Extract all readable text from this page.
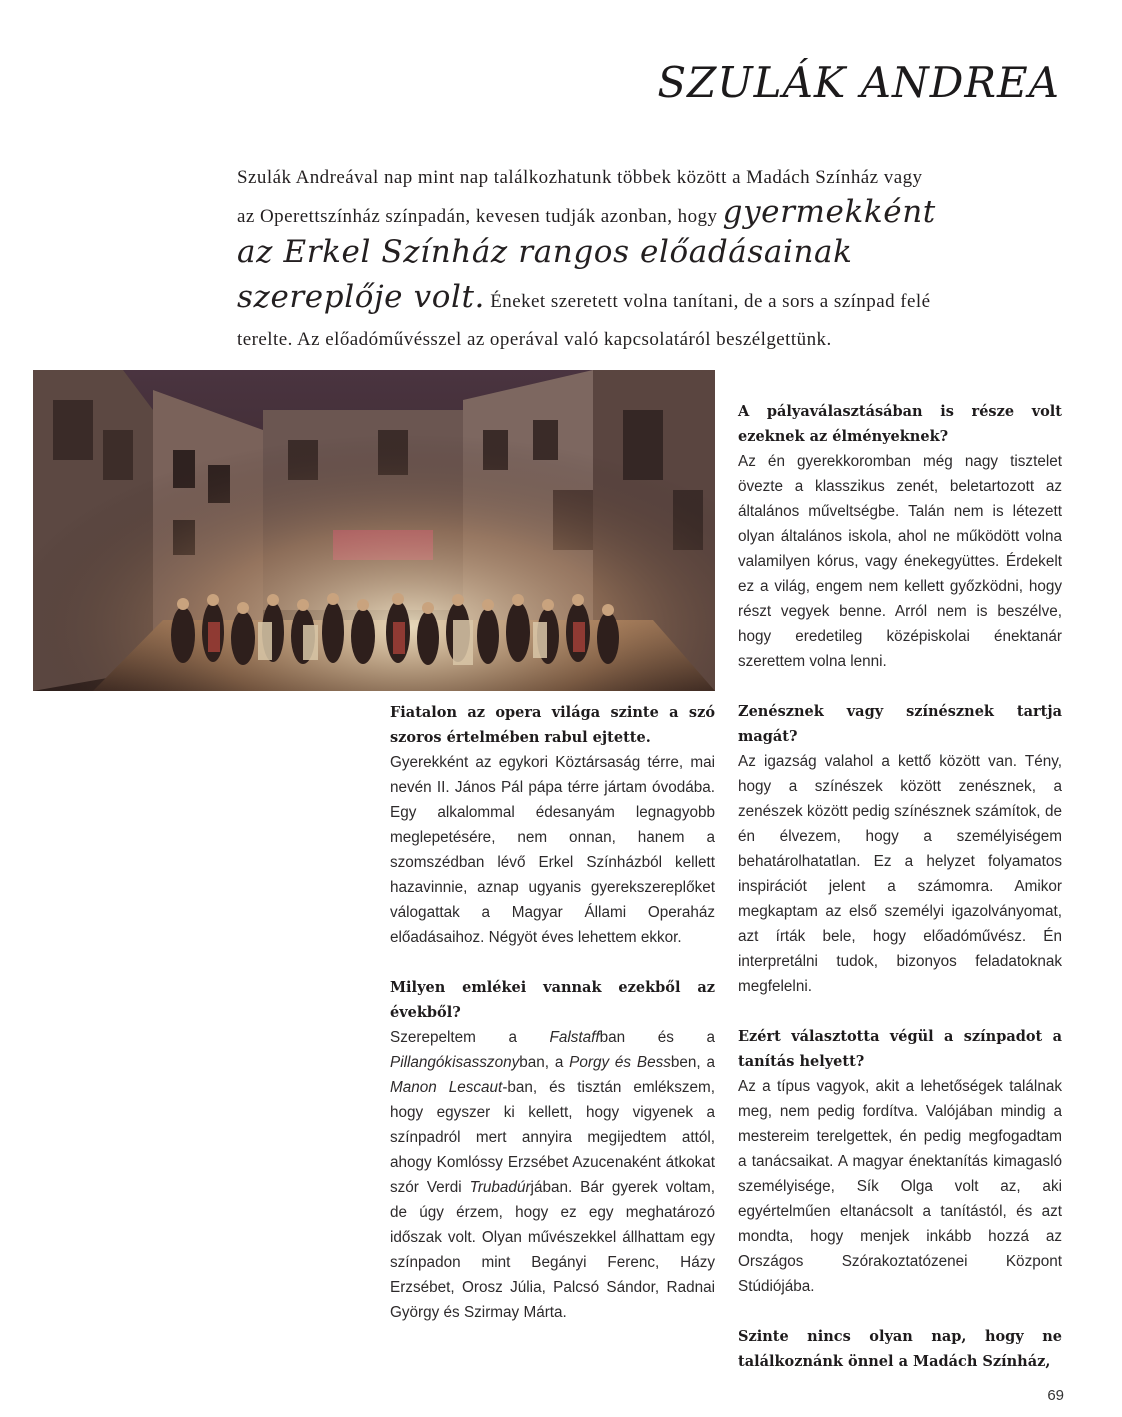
SZULÁK ANDREA
Szulák Andreával nap mint nap találkozhatunk többek között a Madách Színház vagy
az Operettszínház színpadán, kevesen tudják azonban, hogy gyermekként
az Erkel Színház rangos előadásainak
szereplője volt. Éneket szeretett volna tanítani, de a sors a színpad felé
terelte. Az előadóművésszel az operával való kapcsolatáról beszélgettünk.

Fiatalon az opera világa szinte a szó szoros értelmében rabul ejtette.

Gyerekként az egykori Köztársaság térre, mai nevén II. János Pál pápa térre jártam óvodába. Egy alkalommal édesanyám legnagyobb meglepetésére, nem onnan, hanem a szomszédban lévő Erkel Színházból kellett hazavinnie, aznap ugyanis gyerekszereplőket válogattak a Magyar Állami Operaház előadásaihoz. Négyöt éves lehettem ekkor.

Milyen emlékei vannak ezekből az évekből?

Szerepeltem a Falstaffban és a Pillangókisasszonyban, a Porgy és Bessben, a Manon Lescaut-ban, és tisztán emlékszem, hogy egyszer ki kellett, hogy vigyenek a színpadról mert annyira megijedtem attól, ahogy Komlóssy Erzsébet Azucenaként átkokat szór Verdi Trubadúrjában. Bár gyerek voltam, de úgy érzem, hogy ez egy meghatározó időszak volt. Olyan művészekkel állhattam egy színpadon mint Begányi Ferenc, Házy Erzsébet, Orosz Júlia, Palcsó Sándor, Radnai György és Szirmay Márta.

A pályaválasztásában is része volt ezeknek az élményeknek?

Az én gyerekkoromban még nagy tisztelet övezte a klasszikus zenét, beletartozott az általános műveltségbe. Talán nem is létezett olyan általános iskola, ahol ne működött volna valamilyen kórus, vagy énekegyüttes. Érdekelt ez a világ, engem nem kellett győzködni, hogy részt vegyek benne. Arról nem is beszélve, hogy eredetileg középiskolai énektanár szerettem volna lenni.

Zenésznek vagy színésznek tartja magát?

Az igazság valahol a kettő között van. Tény, hogy a színészek között zenésznek, a zenészek között pedig színésznek számítok, de én élvezem, hogy a személyiségem behatárolhatatlan. Ez a helyzet folyamatos inspirációt jelent a számomra. Amikor megkaptam az első személyi igazolványomat, azt írták bele, hogy előadóművész. Én interpretálni tudok, bizonyos feladatoknak megfelelni.

Ezért választotta végül a színpadot a tanítás helyett?

Az a típus vagyok, akit a lehetőségek találnak meg, nem pedig fordítva. Valójában mindig a mestereim terelgettek, én pedig megfogadtam a tanácsaikat. A magyar énektanítás kimagasló személyisége, Sík Olga volt az, aki egyértelműen eltanácsolt a tanítástól, és azt mondta, hogy menjek inkább hozzá az Országos Szórakoztatózenei Központ Stúdiójába.

Szinte nincs olyan nap, hogy ne találkoznánk önnel a Madách Színház,

69
